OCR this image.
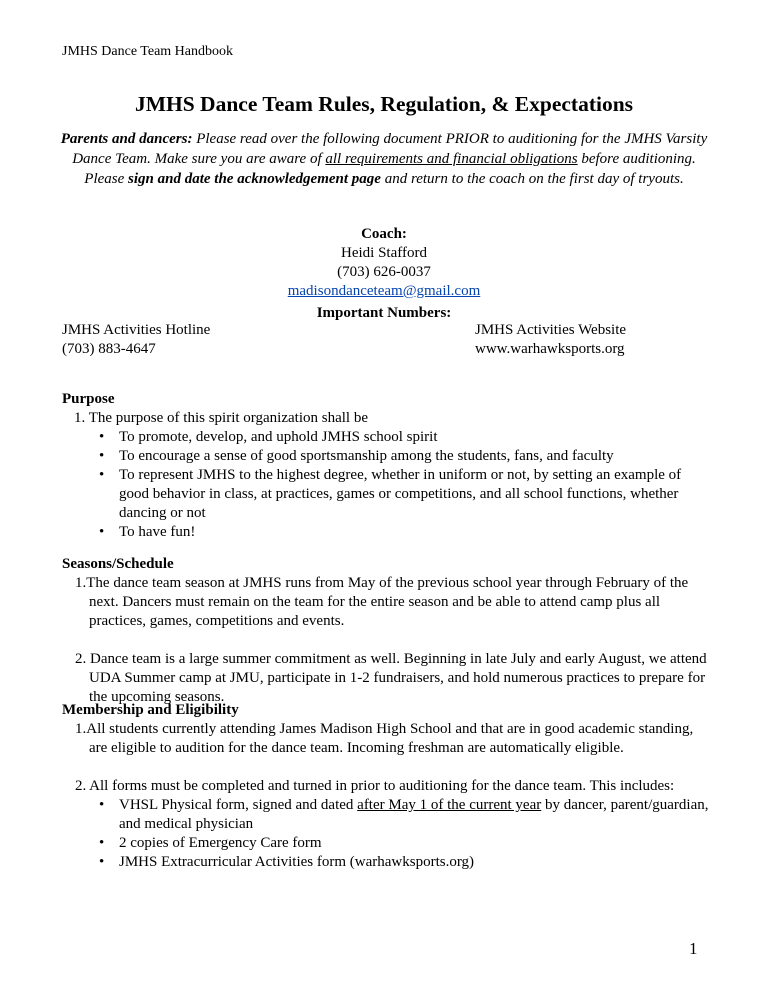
JMHS Dance Team Handbook
JMHS Dance Team Rules, Regulation, & Expectations
Parents and dancers: Please read over the following document PRIOR to auditioning for the JMHS Varsity Dance Team. Make sure you are aware of all requirements and financial obligations before auditioning. Please sign and date the acknowledgement page and return to the coach on the first day of tryouts.
Coach:
Heidi Stafford
(703) 626-0037
madisondanceteam@gmail.com
Important Numbers:
JMHS Activities Hotline
(703) 883-4647
JMHS Activities Website
www.warhawksports.org
Purpose

1. The purpose of this spirit organization shall be

• To promote, develop, and uphold JMHS school spirit
• To encourage a sense of good sportsmanship among the students, fans, and faculty
• To represent JMHS to the highest degree, whether in uniform or not, by setting an example of good behavior in class, at practices, games or competitions, and all school functions, whether dancing or not
• To have fun!
Seasons/Schedule

1.The dance team season at JMHS runs from May of the previous school year through February of the next. Dancers must remain on the team for the entire season and be able to attend camp plus all practices, games, competitions and events.

2. Dance team is a large summer commitment as well. Beginning in late July and early August, we attend UDA Summer camp at JMU, participate in 1-2 fundraisers, and hold numerous practices to prepare for the upcoming seasons.

Membership and Eligibility

1.All students currently attending James Madison High School and that are in good academic standing, are eligible to audition for the dance team. Incoming freshman are automatically eligible.

2. All forms must be completed and turned in prior to auditioning for the dance team. This includes:

• VHSL Physical form, signed and dated after May 1 of the current year by dancer, parent/guardian, and medical physician
• 2 copies of Emergency Care form
• JMHS Extracurricular Activities form (warhawksports.org)
1
